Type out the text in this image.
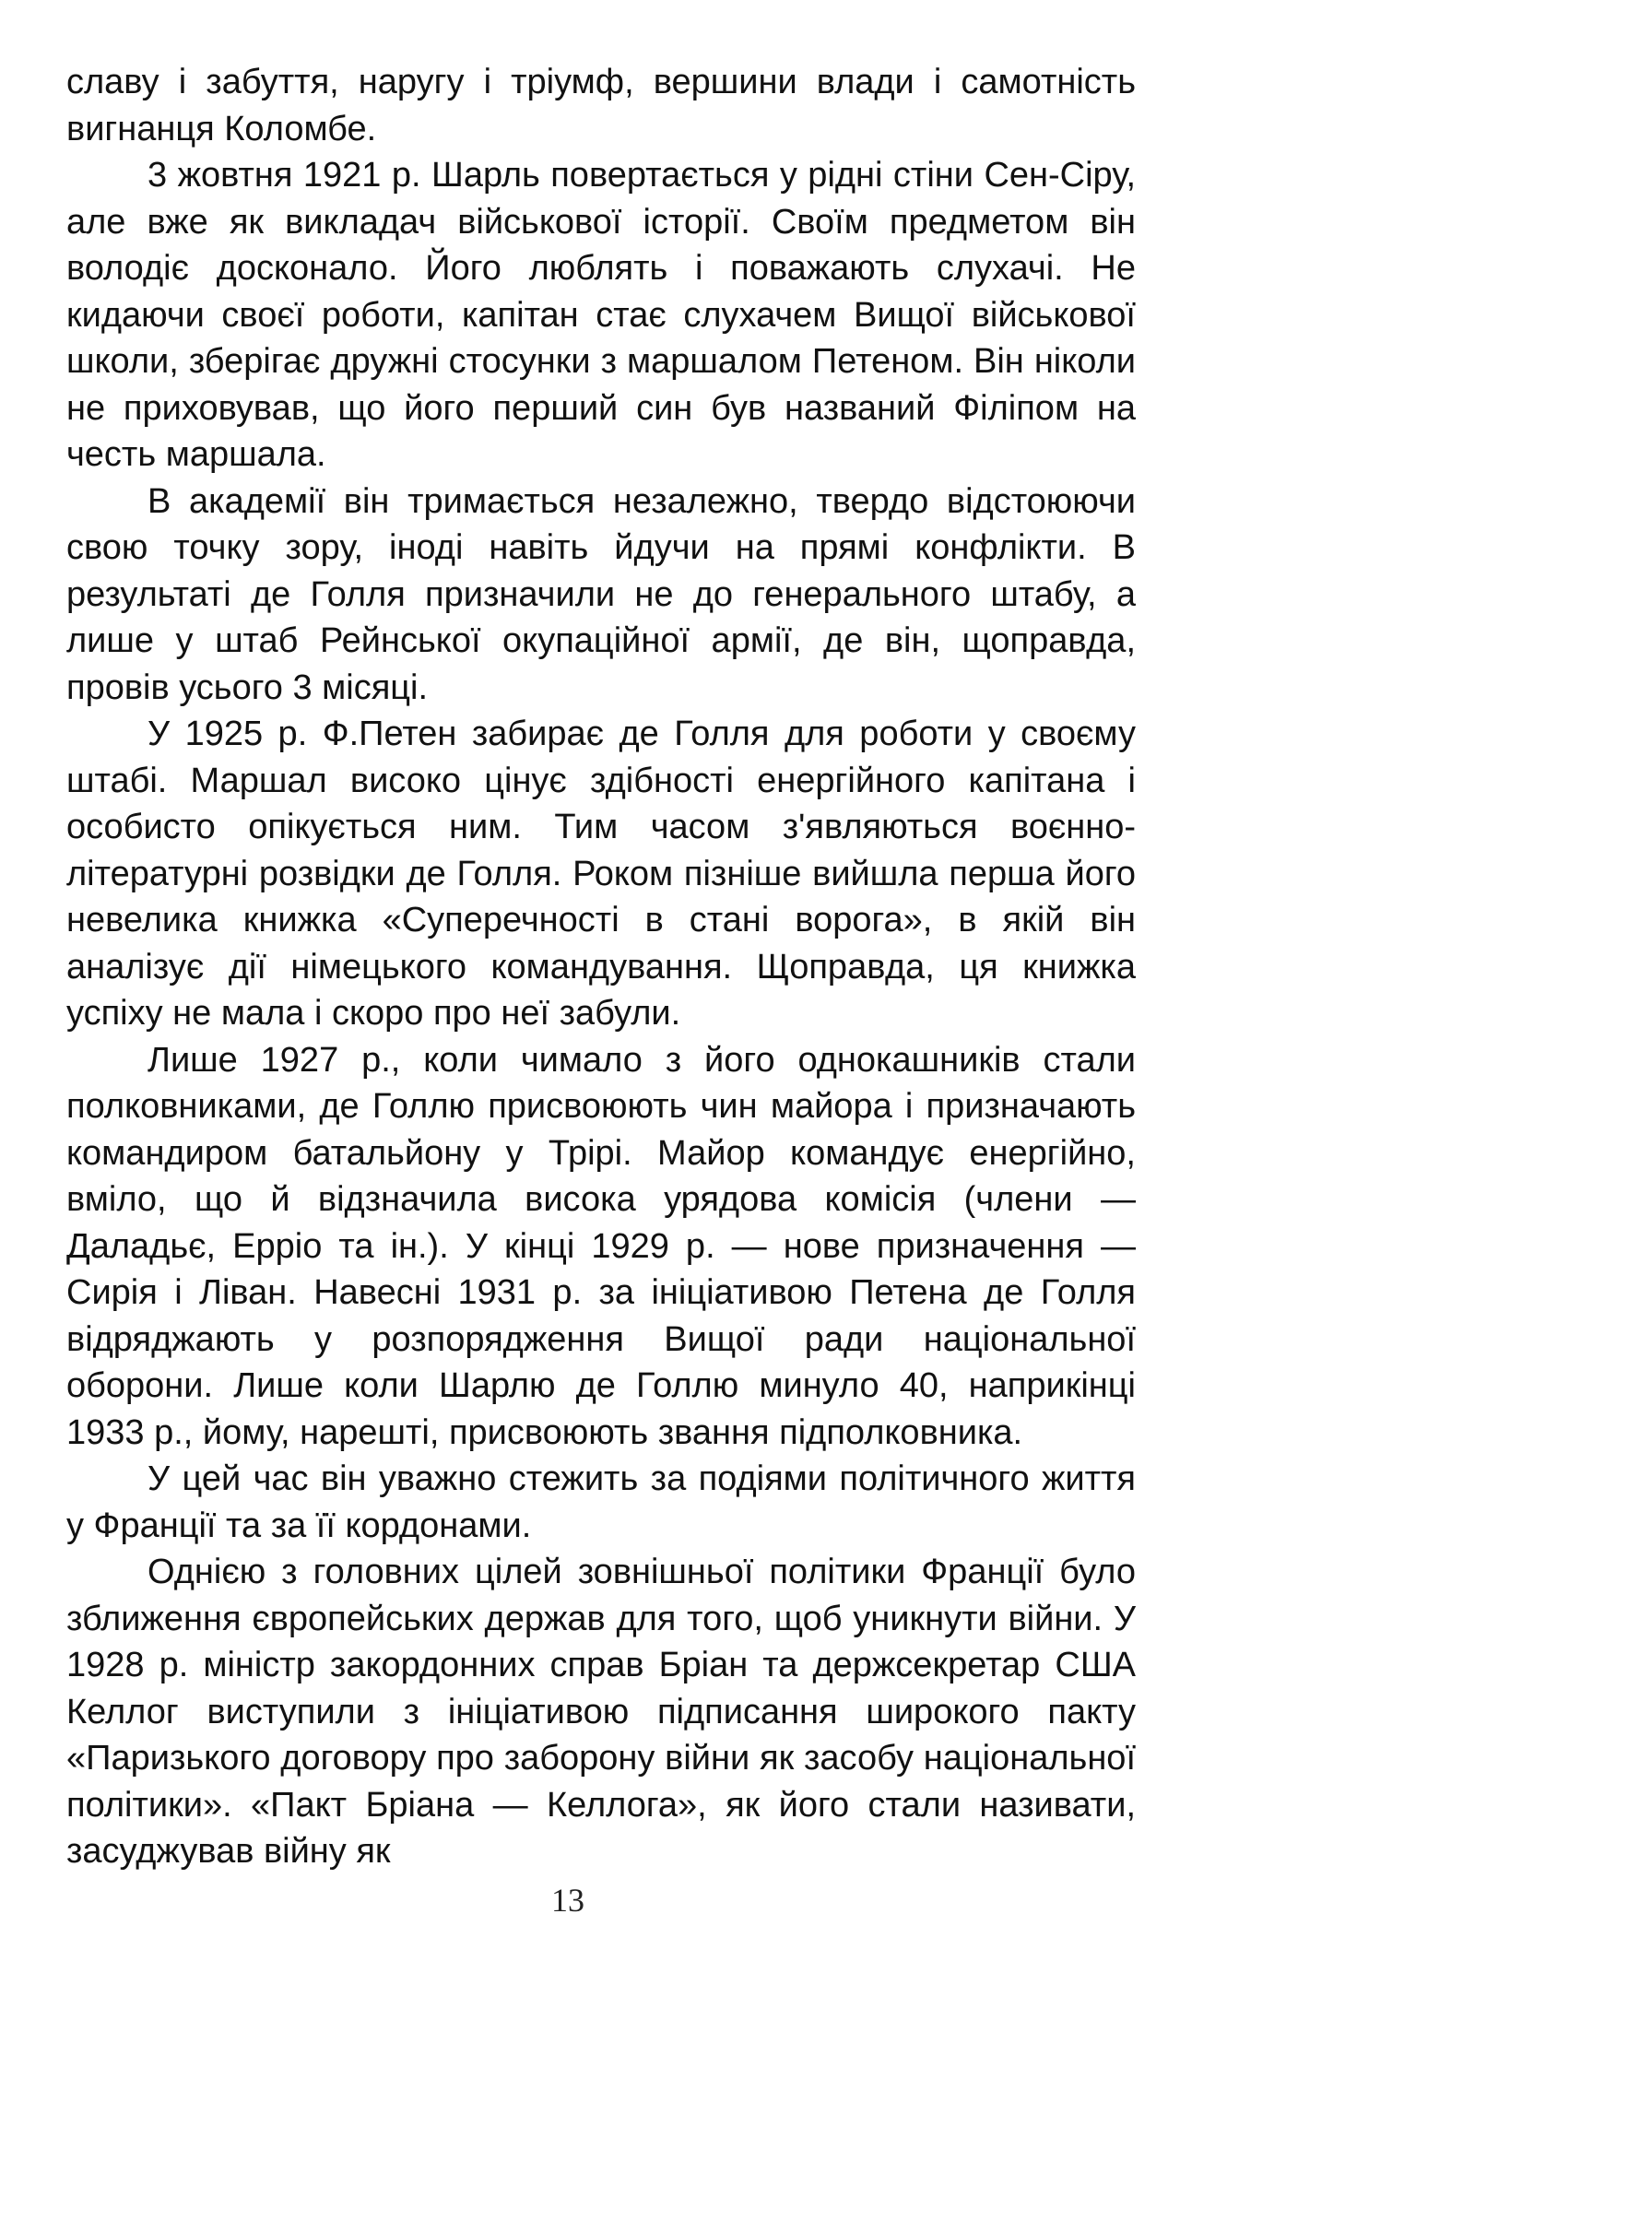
славу і забуття, наругу і тріумф, вершини влади і самотність вигнанця Коломбе.

3 жовтня 1921 р. Шарль повертається у рідні стіни Сен-Сіру, але вже як викладач військової історії. Своїм предметом він володіє досконало. Його люблять і поважають слухачі. Не кидаючи своєї роботи, капітан стає слухачем Вищої військової школи, зберігає дружні стосунки з маршалом Петеном. Він ніколи не приховував, що його перший син був названий Філіпом на честь маршала.

В академії він тримається незалежно, твердо відстоюючи свою точку зору, іноді навіть йдучи на прямі конфлікти. В результаті де Голля призначили не до генерального штабу, а лише у штаб Рейнської окупаційної армії, де він, щоправда, провів усього 3 місяці.

У 1925 р. Ф.Петен забирає де Голля для роботи у своєму штабі. Маршал високо цінує здібності енергійного капітана і особисто опікується ним. Тим часом з'являються воєнно-літературні розвідки де Голля. Роком пізніше вийшла перша його невелика книжка «Суперечності в стані ворога», в якій він аналізує дії німецького командування. Щоправда, ця книжка успіху не мала і скоро про неї забули.

Лише 1927 р., коли чимало з його однокашників стали полковниками, де Голлю присвоюють чин майора і призначають командиром батальйону у Трірі. Майор командує енергійно, вміло, що й відзначила висока урядова комісія (члени — Даладьє, Ерріо та ін.). У кінці 1929 р. — нове призначення — Сирія і Ліван. Навесні 1931 р. за ініціативою Петена де Голля відряджають у розпорядження Вищої ради національної оборони. Лише коли Шарлю де Голлю минуло 40, наприкінці 1933 р., йому, нарешті, присвоюють звання підполковника.

У цей час він уважно стежить за подіями політичного життя у Франції та за її кордонами.

Однією з головних цілей зовнішньої політики Франції було зближення європейських держав для того, щоб уникнути війни. У 1928 р. міністр закордонних справ Бріан та держсекретар США Келлог виступили з ініціативою підписання широкого пакту «Паризького договору про заборону війни як засобу національної політики». «Пакт Бріана — Келлога», як його стали називати, засуджував війну як

13
